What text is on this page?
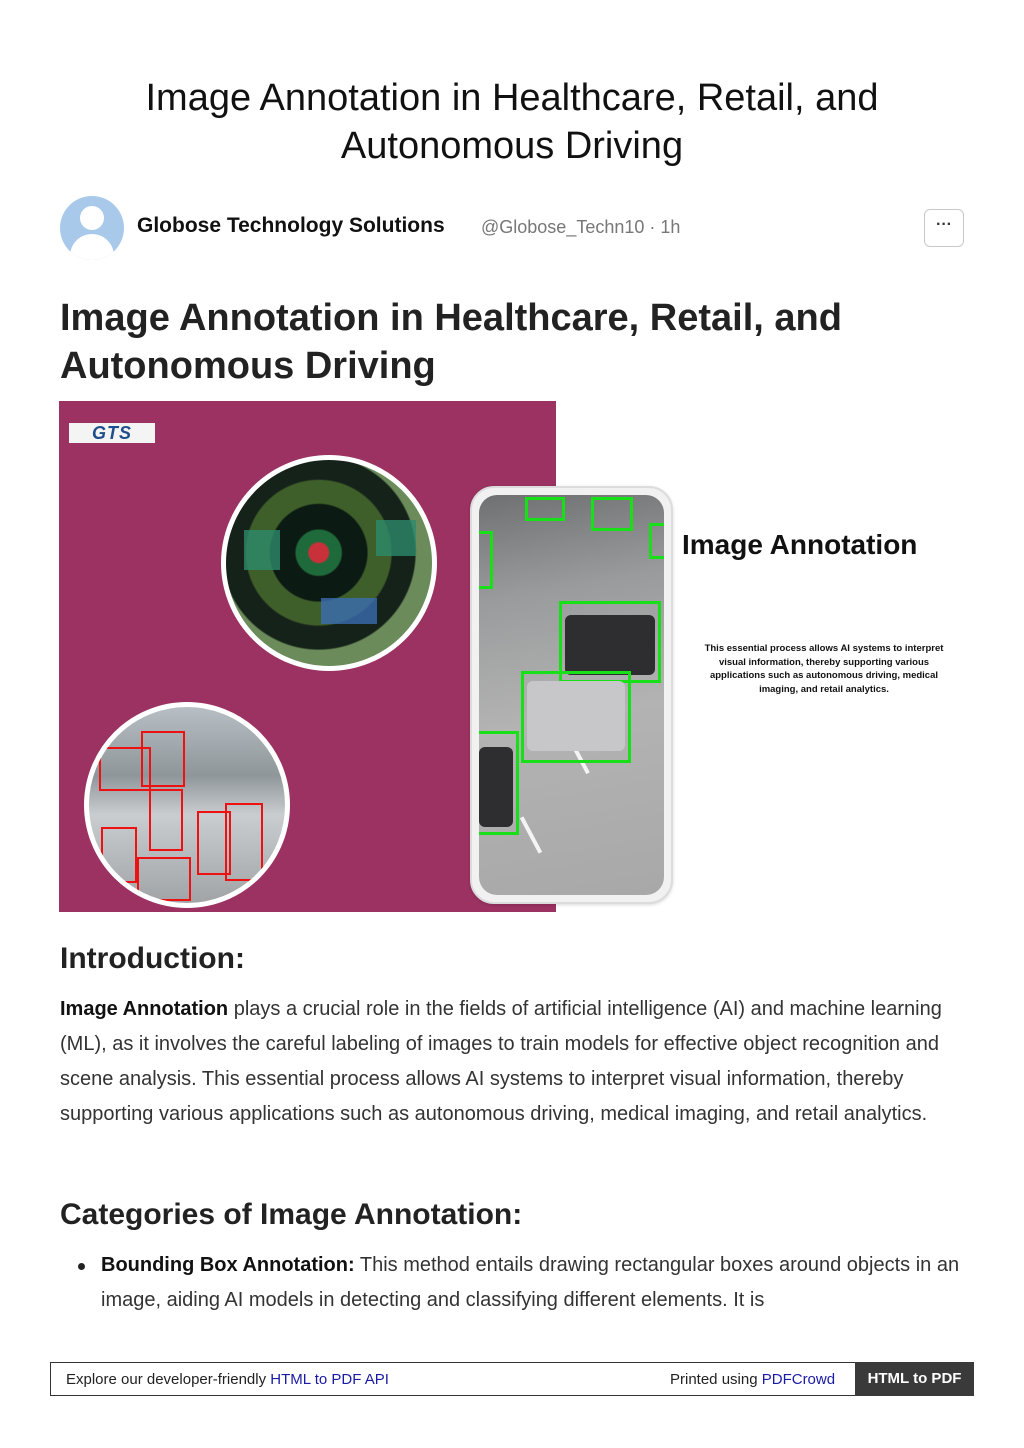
Image Annotation in Healthcare, Retail, and
Autonomous Driving
Globose Technology Solutions @Globose_Techn10 · 1h	···
Image Annotation in Healthcare, Retail, and
Autonomous Driving
GTS
Image Annotation
This essential process allows AI systems to interpret
visual information, thereby supporting various
applications such as autonomous driving, medical
imaging, and retail analytics.
Introduction:

Image Annotation plays a crucial role in the fields of artificial intelligence (AI) and machine learning (ML), as it involves the careful labeling of images to train models for effective object recognition and scene analysis. This essential process allows AI systems to interpret visual information, thereby supporting various applications such as autonomous driving, medical imaging, and retail analytics.

Categories of Image Annotation:
Bounding Box Annotation: This method entails drawing rectangular boxes around objects in an image, aiding AI models in detecting and classifying different elements. It is
Explore our developer-friendly HTML to PDF API	Printed using PDFCrowd	HTML to PDF
